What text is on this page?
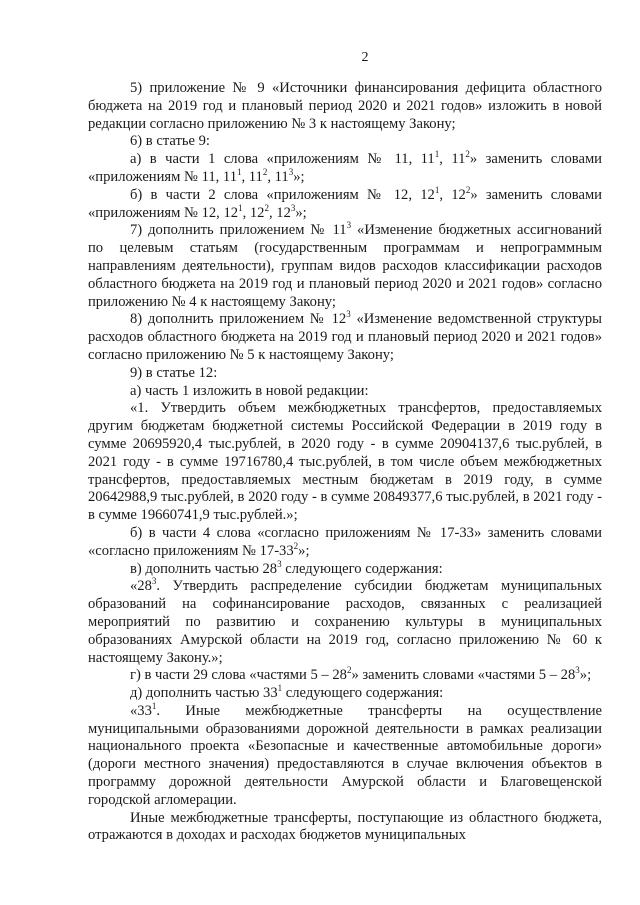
2

5) приложение № 9 «Источники финансирования дефицита областного бюджета на 2019 год и плановый период 2020 и 2021 годов» изложить в новой редакции согласно приложению № 3 к настоящему Закону;

6) в статье 9:

а) в части 1 слова «приложениям № 11, $11^1$, $11^2$» заменить словами «приложениям № 11, $11^1$, $11^2$, $11^3$»;

б) в части 2 слова «приложениям № 12, $12^1$, $12^2$» заменить словами «приложениям № 12, $12^1$, $12^2$, $12^3$»;

7) дополнить приложением № $11^3$ «Изменение бюджетных ассигнований по целевым статьям (государственным программам и непрограммным направлениям деятельности), группам видов расходов классификации расходов областного бюджета на 2019 год и плановый период 2020 и 2021 годов» согласно приложению № 4 к настоящему Закону;

8) дополнить приложением № $12^3$ «Изменение ведомственной структуры расходов областного бюджета на 2019 год и плановый период 2020 и 2021 годов» согласно приложению № 5 к настоящему Закону;

9) в статье 12:

а) часть 1 изложить в новой редакции:

«1. Утвердить объем межбюджетных трансфертов, предоставляемых другим бюджетам бюджетной системы Российской Федерации в 2019 году в сумме 20695920,4 тыс.рублей, в 2020 году - в сумме 20904137,6 тыс.рублей, в 2021 году - в сумме 19716780,4 тыс.рублей, в том числе объем межбюджетных трансфертов, предоставляемых местным бюджетам в 2019 году, в сумме 20642988,9 тыс.рублей, в 2020 году - в сумме 20849377,6 тыс.рублей, в 2021 году - в сумме 19660741,9 тыс.рублей.»;

б) в части 4 слова «согласно приложениям № 17-33» заменить словами «согласно приложениям № $17-33^2$»;

в) дополнить частью $28^3$ следующего содержания:

«$28^3$. Утвердить распределение субсидии бюджетам муниципальных образований на софинансирование расходов, связанных с реализацией мероприятий по развитию и сохранению культуры в муниципальных образованиях Амурской области на 2019 год, согласно приложению № 60 к настоящему Закону.»;

г) в части 29 слова «частями $5 - 28^2$» заменить словами «частями $5 - 28^3$»;

д) дополнить частью $33^1$ следующего содержания:

«$33^1$. Иные межбюджетные трансферты на осуществление муниципальными образованиями дорожной деятельности в рамках реализации национального проекта «Безопасные и качественные автомобильные дороги» (дороги местного значения) предоставляются в случае включения объектов в программу дорожной деятельности Амурской области и Благовещенской городской агломерации.

Иные межбюджетные трансферты, поступающие из областного бюджета, отражаются в доходах и расходах бюджетов муниципальных
